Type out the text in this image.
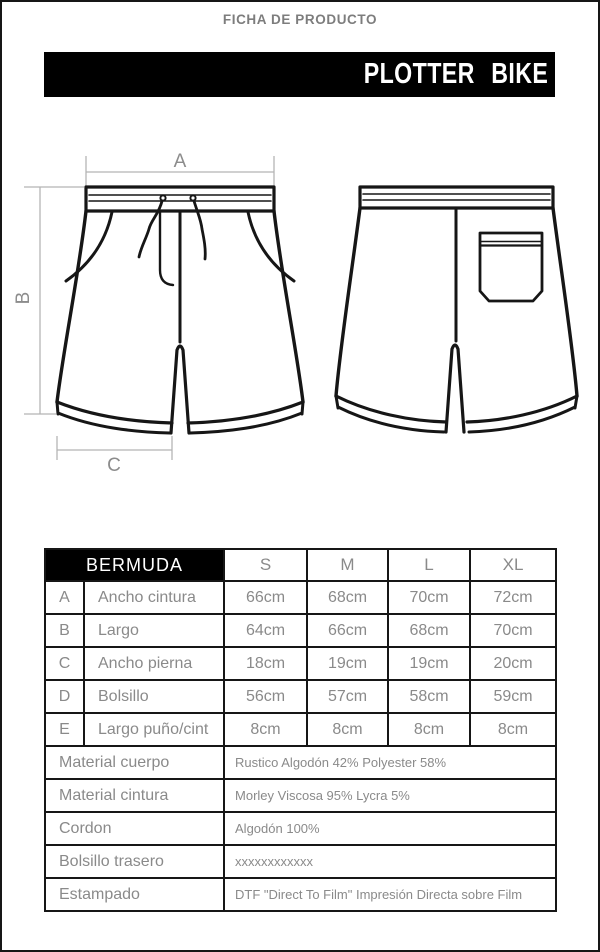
FICHA DE PRODUCTO
PLOTTER BIKE
A
B
C
BERMUDA		S	M	L	XL
A	Ancho cintura	66cm	68cm	70cm	72cm
B	Largo	64cm	66cm	68cm	70cm
C	Ancho pierna	18cm	19cm	19cm	20cm
D	Bolsillo	56cm	57cm	58cm	59cm
E	Largo puño/cint	8cm	8cm	8cm	8cm
Material cuerpo		Rustico Algodón 42% Polyester 58%			
Material cintura		Morley Viscosa 95% Lycra 5%			
Cordon		Algodón 100%			
Bolsillo trasero		xxxxxxxxxxxx			
Estampado		DTF "Direct To Film" Impresión Directa sobre Film			
